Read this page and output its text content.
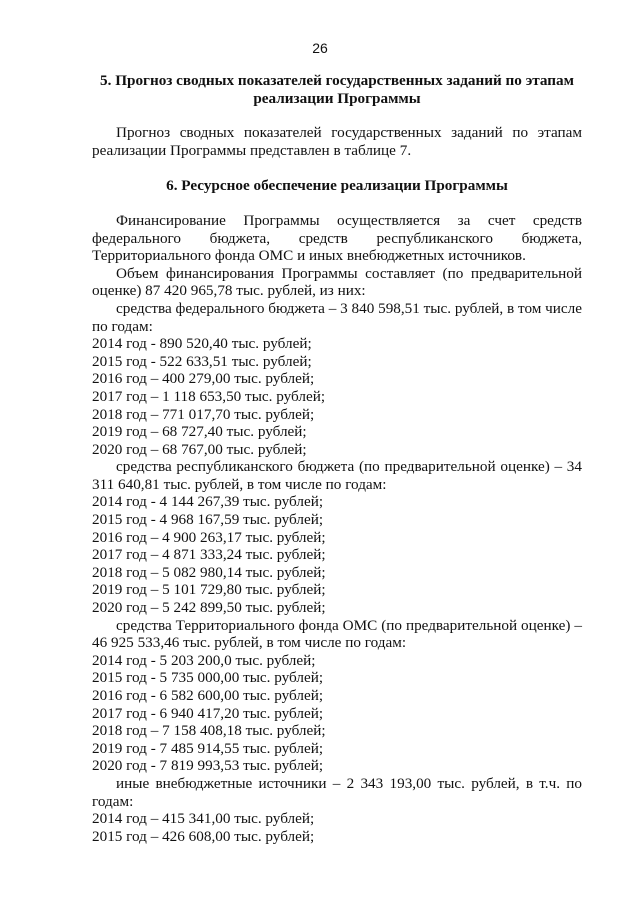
26
5. Прогноз сводных показателей государственных заданий по этапам
реализации Программы

Прогноз сводных показателей государственных заданий по этапам реализации Программы представлен в таблице 7.

6. Ресурсное обеспечение реализации Программы
Финансирование Программы осуществляется за счет средств
федерального бюджета, средств республиканского бюджета,
Территориального фонда ОМС и иных внебюджетных источников.

Объем финансирования Программы составляет (по предварительной оценке) 87 420 965,78 тыс. рублей, из них:

средства федерального бюджета – 3 840 598,51 тыс. рублей, в том числе по годам:

2014 год - 890 520,40 тыс. рублей;
2015 год - 522 633,51 тыс. рублей;
2016 год – 400 279,00 тыс. рублей;
2017 год – 1 118 653,50 тыс. рублей;
2018 год – 771 017,70 тыс. рублей;
2019 год – 68 727,40 тыс. рублей;
2020 год – 68 767,00 тыс. рублей;

средства республиканского бюджета (по предварительной оценке) – 34 311 640,81 тыс. рублей, в том числе по годам:

2014 год - 4 144 267,39 тыс. рублей;
2015 год - 4 968 167,59 тыс. рублей;
2016 год – 4 900 263,17 тыс. рублей;
2017 год – 4 871 333,24 тыс. рублей;
2018 год – 5 082 980,14 тыс. рублей;
2019 год – 5 101 729,80 тыс. рублей;
2020 год – 5 242 899,50 тыс. рублей;

средства Территориального фонда ОМС (по предварительной оценке) – 46 925 533,46 тыс. рублей, в том числе по годам:

2014 год - 5 203 200,0 тыс. рублей;
2015 год - 5 735 000,00 тыс. рублей;
2016 год - 6 582 600,00 тыс. рублей;
2017 год - 6 940 417,20 тыс. рублей;
2018 год – 7 158 408,18 тыс. рублей;
2019 год - 7 485 914,55 тыс. рублей;
2020 год - 7 819 993,53 тыс. рублей;

иные внебюджетные источники – 2 343 193,00 тыс. рублей, в т.ч. по годам:

2014 год – 415 341,00 тыс. рублей;
2015 год – 426 608,00 тыс. рублей;
